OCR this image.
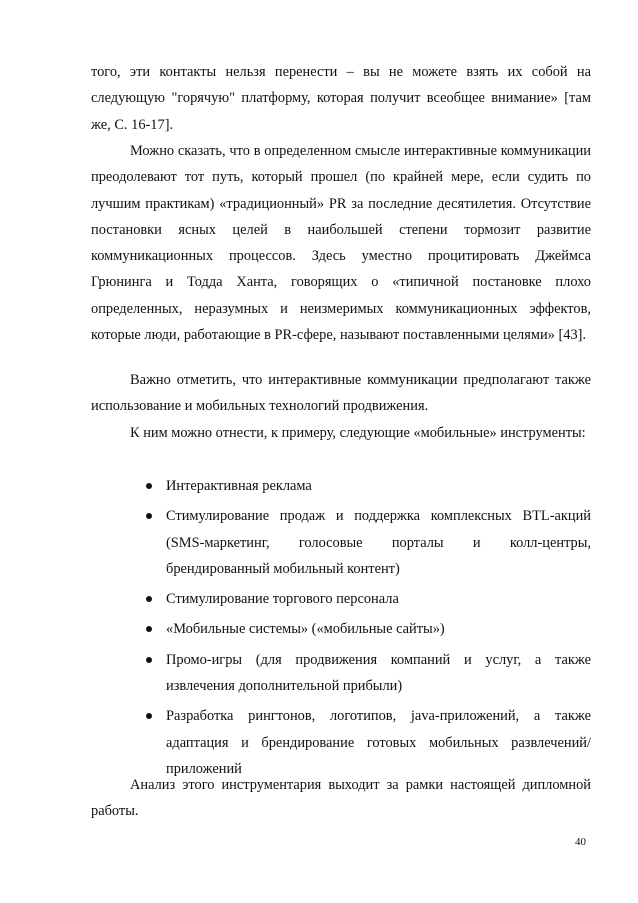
того, эти контакты нельзя перенести – вы не можете взять их собой на следующую "горячую" платформу, которая получит всеобщее внимание» [там же, С. 16-17].

Можно сказать, что в определенном смысле интерактивные коммуникации преодолевают тот путь, который прошел (по крайней мере, если судить по лучшим практикам) «традиционный» PR за последние десятилетия. Отсутствие постановки ясных целей в наибольшей степени тормозит развитие коммуникационных процессов. Здесь уместно процитировать Джеймса Грюнинга и Тодда Ханта, говорящих о «типичной постановке плохо определенных, неразумных и неизмеримых коммуникационных эффектов, которые люди, работающие в PR-сфере, называют поставленными целями» [43].

Важно отметить, что интерактивные коммуникации предполагают также использование и мобильных технологий продвижения.

К ним можно отнести, к примеру, следующие «мобильные» инструменты:

Интерактивная реклама
Стимулирование продаж и поддержка комплексных BTL-акций (SMS-маркетинг, голосовые порталы и колл-центры, брендированный мобильный контент)
Стимулирование торгового персонала
«Мобильные системы» («мобильные сайты»)
Промо-игры (для продвижения компаний и услуг, а также извлечения дополнительной прибыли)
Разработка рингтонов, логотипов, java-приложений, а также адаптация и брендирование готовых мобильных развлечений/приложений

Анализ этого инструментария выходит за рамки настоящей дипломной работы.

40
